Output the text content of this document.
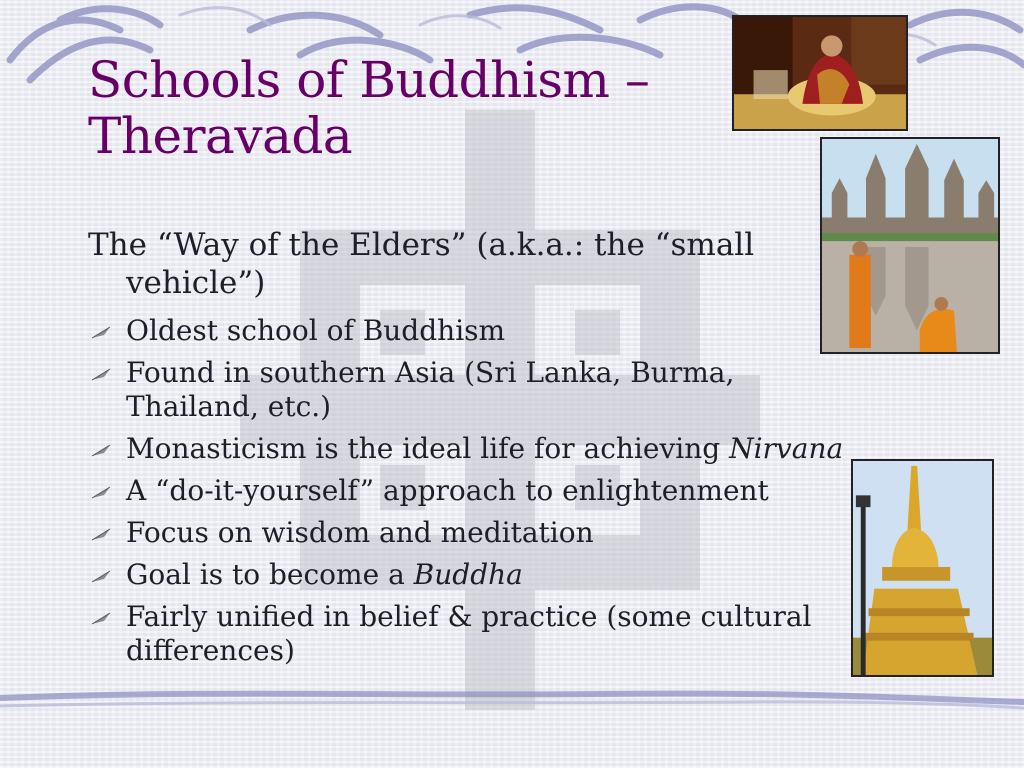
Schools of Buddhism –
Theravada
The “Way of the Elders” (a.k.a.: the “small vehicle”)
Oldest school of Buddhism
Found in southern Asia (Sri Lanka, Burma, Thailand, etc.)
Monasticism is the ideal life for achieving Nirvana
A “do-it-yourself” approach to enlightenment
Focus on wisdom and meditation
Goal is to become a Buddha
Fairly unified in belief & practice (some cultural differences)
